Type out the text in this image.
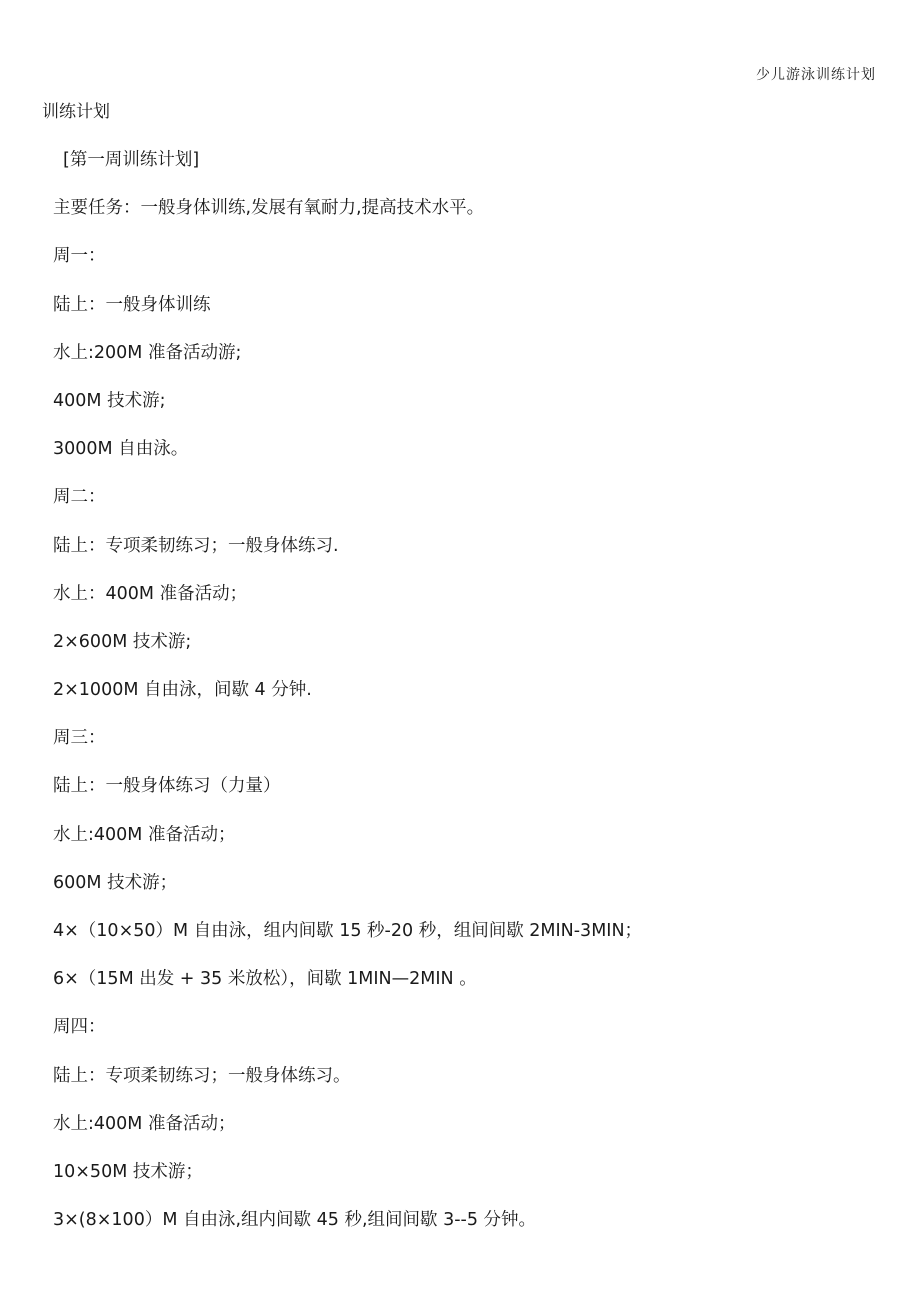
少儿游泳训练计划
训练计划
[第一周训练计划]
主要任务：一般身体训练,发展有氧耐力,提高技术水平。
周一：
陆上：一般身体训练
水上:200M 准备活动游;
400M 技术游;
3000M 自由泳。
周二：
陆上：专项柔韧练习；一般身体练习.
水上：400M 准备活动；
2×600M 技术游;
2×1000M 自由泳，间歇 4 分钟.
周三：
陆上：一般身体练习（力量）
水上:400M 准备活动；
600M 技术游；
4×（10×50）M 自由泳，组内间歇 15 秒-20 秒，组间间歇 2MIN-3MIN；
6×（15M 出发 + 35 米放松），间歇 1MIN—2MIN 。
周四：
陆上：专项柔韧练习；一般身体练习。
水上:400M 准备活动；
10×50M 技术游；
3×(8×100）M 自由泳,组内间歇 45 秒,组间间歇 3--5 分钟。
